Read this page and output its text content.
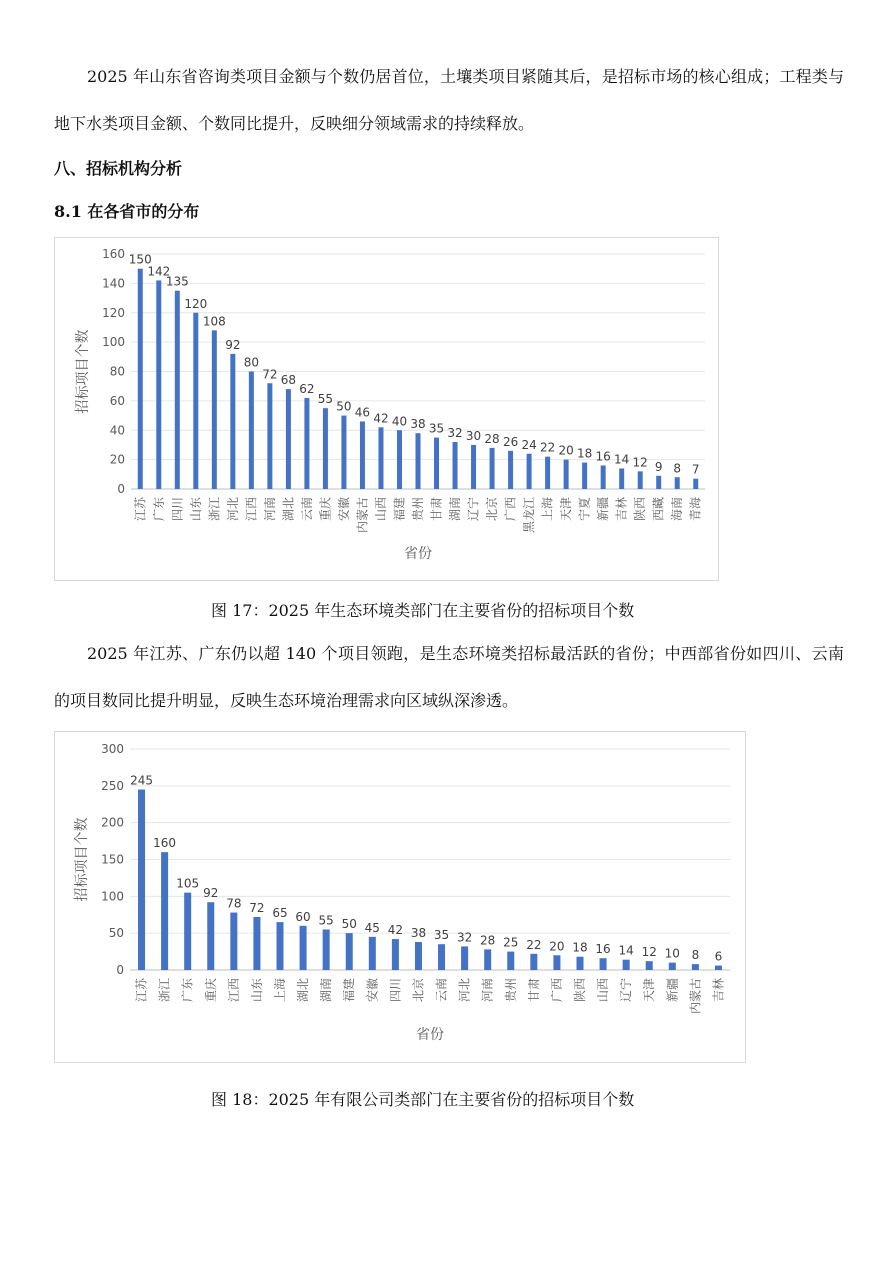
2025 年山东省咨询类项目金额与个数仍居首位，土壤类项目紧随其后，是招标市场的核心组成；工程类与地下水类项目金额、个数同比提升，反映细分领域需求的持续释放。

八、招标机构分析

8.1 在各省市的分布

0
20
40
60
80
100
120
140
160 150
江苏
142
广东
135
四川
120
山东
108
浙江
92
河北
80
江西
72
河南
68
湖北
62
云南
55
重庆
50
安徽
46
内蒙古
42
山西
40
福建
38
贵州
35
甘肃
32
湖南
30
辽宁
28
北京
26
广西
24
黑龙江
22
上海
20
天津
18
宁夏
16
新疆
14
吉林
12
陕西
9
西藏
8
海南
7
青海
省份
招标项目个数

图 17：2025 年生态环境类部门在主要省份的招标项目个数

2025 年江苏、广东仍以超 140 个项目领跑，是生态环境类招标最活跃的省份；中西部省份如四川、云南的项目数同比提升明显，反映生态环境治理需求向区域纵深渗透。

0
50
100
150
200
250
300
245
江苏
160
浙江
105
广东
92
重庆
78
江西
72
山东
65
上海
60
湖北
55
湖南
50
福建
45
安徽
42
四川
38
北京
35
云南
32
河北
28
河南
25
贵州
22
甘肃
20
广西
18
陕西
16
山西
14
辽宁
12
天津
10
新疆
8
内蒙古
6
吉林
省份
招标项目个数

图 18：2025 年有限公司类部门在主要省份的招标项目个数
